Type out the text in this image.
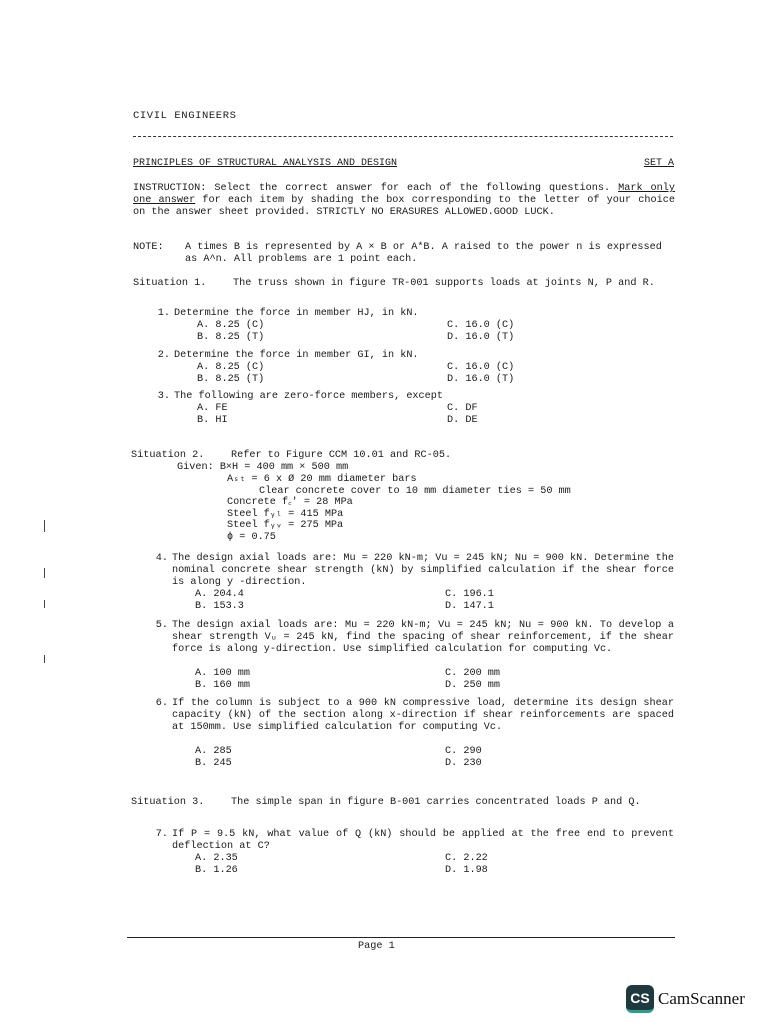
CIVIL ENGINEERS
PRINCIPLES OF STRUCTURAL ANALYSIS AND DESIGN	SET A
INSTRUCTION: Select the correct answer for each of the following questions. Mark only one answer for each item by shading the box corresponding to the letter of your choice on the answer sheet provided. STRICTLY NO ERASURES ALLOWED.GOOD LUCK.
NOTE:	A times B is represented by A × B or A*B. A raised to the power n is expressed as A^n. All problems are 1 point each.
Situation 1.	The truss shown in figure TR-001 supports loads at joints N, P and R.
1. Determine the force in member HJ, in kN.
A. 8.25 (C)	C. 16.0 (C)
B. 8.25 (T)	D. 16.0 (T)
2. Determine the force in member GI, in kN.
A. 8.25 (C)	C. 16.0 (C)
B. 8.25 (T)	D. 16.0 (T)
3. The following are zero-force members, except
A. FE	C. DF
B. HI	D. DE
Situation 2.	Refer to Figure CCM 10.01 and RC-05.
Given: B×H = 400 mm × 500 mm
Aₛₜ = 6 x Ø 20 mm diameter bars
Clear concrete cover to 10 mm diameter ties = 50 mm
Concrete f꜀' = 28 MPa
Steel fᵧₗ = 415 MPa
Steel fᵧᵥ = 275 MPa
ϕ = 0.75
4. The design axial loads are: Mu = 220 kN-m; Vu = 245 kN; Nu = 900 kN. Determine the nominal concrete shear strength (kN) by simplified calculation if the shear force is along y -direction.
A. 204.4	C. 196.1
B. 153.3	D. 147.1
5. The design axial loads are: Mu = 220 kN-m; Vu = 245 kN; Nu = 900 kN. To develop a shear strength Vᵤ = 245 kN, find the spacing of shear reinforcement, if the shear force is along y-direction. Use simplified calculation for computing Vc.
A. 100 mm	C. 200 mm
B. 160 mm	D. 250 mm
6. If the column is subject to a 900 kN compressive load, determine its design shear capacity (kN) of the section along x-direction if shear reinforcements are spaced at 150mm. Use simplified calculation for computing Vc.
A. 285	C. 290
B. 245	D. 230
Situation 3.	The simple span in figure B-001 carries concentrated loads P and Q.
7. If P = 9.5 kN, what value of Q (kN) should be applied at the free end to prevent deflection at C?
A. 2.35	C. 2.22
B. 1.26	D. 1.98
Page 1
CS CamScanner
